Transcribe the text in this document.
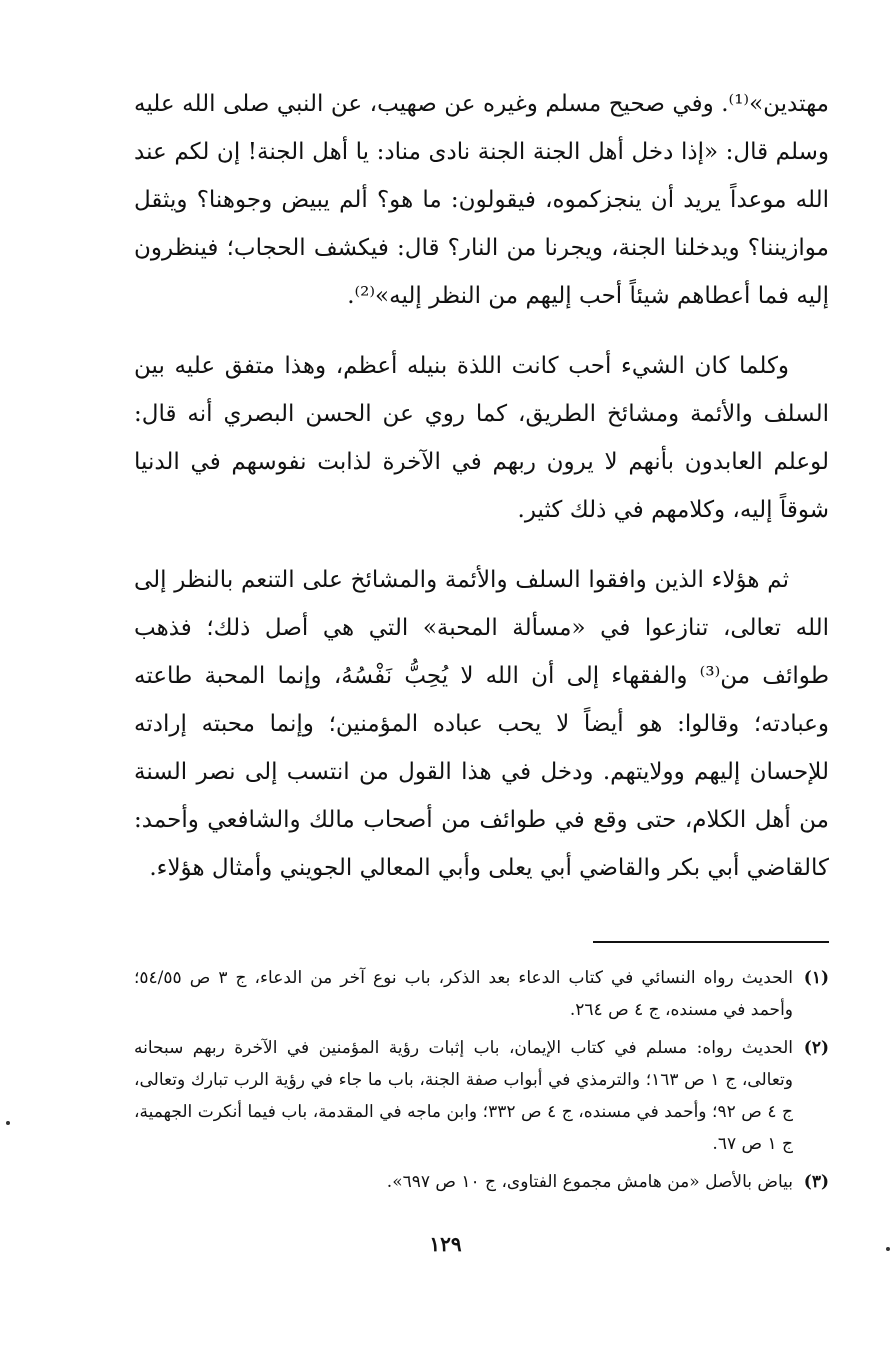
مهتدين»⁽¹⁾. وفي صحيح مسلم وغيره عن صهيب، عن النبي صلى الله عليه وسلم قال: «إذا دخل أهل الجنة الجنة نادى مناد: يا أهل الجنة! إن لكم عند الله موعداً يريد أن ينجزكموه، فيقولون: ما هو؟ ألم يبيض وجوهنا؟ ويثقل موازيننا؟ ويدخلنا الجنة، ويجرنا من النار؟ قال: فيكشف الحجاب؛ فينظرون إليه فما أعطاهم شيئاً أحب إليهم من النظر إليه»⁽²⁾.

وكلما كان الشيء أحب كانت اللذة بنيله أعظم، وهذا متفق عليه بين السلف والأئمة ومشائخ الطريق، كما روي عن الحسن البصري أنه قال: لوعلم العابدون بأنهم لا يرون ربهم في الآخرة لذابت نفوسهم في الدنيا شوقاً إليه، وكلامهم في ذلك كثير.

ثم هؤلاء الذين وافقوا السلف والأئمة والمشائخ على التنعم بالنظر إلى الله تعالى، تنازعوا في «مسألة المحبة» التي هي أصل ذلك؛ فذهب طوائف من⁽³⁾ والفقهاء إلى أن الله لا يُحِبُّ نَفْسُهُ، وإنما المحبة طاعته وعبادته؛ وقالوا: هو أيضاً لا يحب عباده المؤمنين؛ وإنما محبته إرادته للإحسان إليهم وولايتهم. ودخل في هذا القول من انتسب إلى نصر السنة من أهل الكلام، حتى وقع في طوائف من أصحاب مالك والشافعي وأحمد: كالقاضي أبي بكر والقاضي أبي يعلى وأبي المعالي الجويني وأمثال هؤلاء.

(١)الحديث رواه النسائي في كتاب الدعاء بعد الذكر، باب نوع آخر من الدعاء، ج ٣ ص ٥٤/٥٥؛ وأحمد في مسنده، ج ٤ ص ٢٦٤.

(٢)الحديث رواه: مسلم في كتاب الإيمان، باب إثبات رؤية المؤمنين في الآخرة ربهم سبحانه وتعالى، ج ١ ص ١٦٣؛ والترمذي في أبواب صفة الجنة، باب ما جاء في رؤية الرب تبارك وتعالى، ج ٤ ص ٩٢؛ وأحمد في مسنده، ج ٤ ص ٣٣٢؛ وابن ماجه في المقدمة، باب فيما أنكرت الجهمية، ج ١ ص ٦٧.

(٣)بياض بالأصل «من هامش مجموع الفتاوى، ج ١٠ ص ٦٩٧».

١٢٩
